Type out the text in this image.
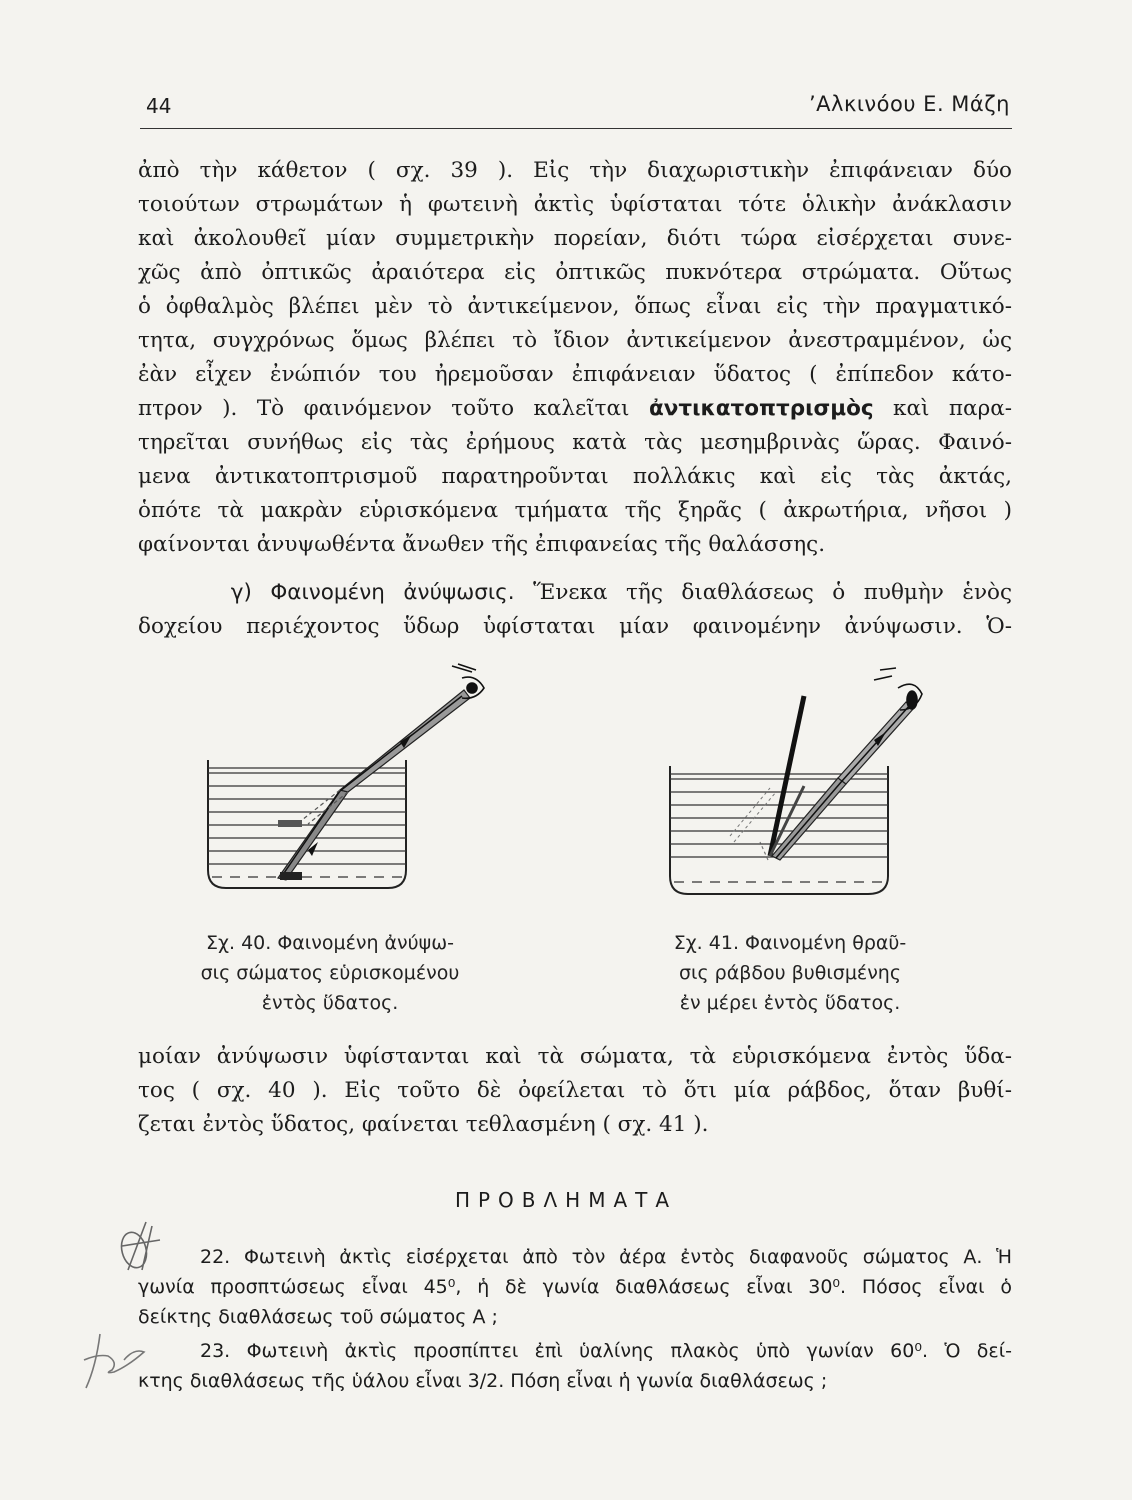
44	’Αλκινόου Ε. Μάζη

ἀπὸ τὴν κάθετον ( σχ. 39 ). Εἰς τὴν διαχωριστικὴν ἐπιφάνειαν δύο
τοιούτων στρωμάτων ἡ φωτεινὴ ἀκτὶς ὑφίσταται τότε ὁλικὴν ἀνάκλασιν
καὶ ἀκολουθεῖ μίαν συμμετρικὴν πορείαν, διότι τώρα εἰσέρχεται συνε-
χῶς ἀπὸ ὀπτικῶς ἀραιότερα εἰς ὀπτικῶς πυκνότερα στρώματα. Οὕτως
ὁ ὀφθαλμὸς βλέπει μὲν τὸ ἀντικείμενον, ὅπως εἶναι εἰς τὴν πραγματικό-
τητα, συγχρόνως ὅμως βλέπει τὸ ἴδιον ἀντικείμενον ἀνεστραμμένον, ὡς
ἐὰν εἶχεν ἐνώπιόν του ἠρεμοῦσαν ἐπιφάνειαν ὕδατος ( ἐπίπεδον κάτο-
πτρον ). Τὸ φαινόμενον τοῦτο καλεῖται ἀντικατοπτρισμὸς καὶ παρα-
τηρεῖται συνήθως εἰς τὰς ἐρήμους κατὰ τὰς μεσημβρινὰς ὥρας. Φαινό-
μενα ἀντικατοπτρισμοῦ παρατηροῦνται πολλάκις καὶ εἰς τὰς ἀκτάς,
ὁπότε τὰ μακρὰν εὑρισκόμενα τμήματα τῆς ξηρᾶς ( ἀκρωτήρια, νῆσοι )
φαίνονται ἀνυψωθέντα ἄνωθεν τῆς ἐπιφανείας τῆς θαλάσσης.

γ) Φαινομένη ἀνύψωσις. Ἕνεκα τῆς διαθλάσεως ὁ πυθμὴν ἑνὸς
δοχείου περιέχοντος ὕδωρ ὑφίσταται μίαν φαινομένην ἀνύψωσιν. Ὁ-

Σχ. 40. Φαινομένη ἀνύψω-
σις σώματος εὑρισκομένου
ἐντὸς ὕδατος.
Σχ. 41. Φαινομένη θραῦ-
σις ράβδου βυθισμένης
ἐν μέρει ἐντὸς ὕδατος.

μοίαν ἀνύψωσιν ὑφίστανται καὶ τὰ σώματα, τὰ εὑρισκόμενα ἐντὸς ὕδα-
τος ( σχ. 40 ). Εἰς τοῦτο δὲ ὀφείλεται τὸ ὅτι μία ράβδος, ὅταν βυθί-
ζεται ἐντὸς ὕδατος, φαίνεται τεθλασμένη ( σχ. 41 ).

ΠΡΟΒΛΗΜΑΤΑ
22. Φωτεινὴ ἀκτὶς εἰσέρχεται ἀπὸ τὸν ἀέρα ἐντὸς διαφανοῦς σώματος Α. Ἡ
γωνία προσπτώσεως εἶναι 45⁰, ἡ δὲ γωνία διαθλάσεως εἶναι 30⁰. Πόσος εἶναι ὁ
δείκτης διαθλάσεως τοῦ σώματος Α ;
23. Φωτεινὴ ἀκτὶς προσπίπτει ἐπὶ ὑαλίνης πλακὸς ὑπὸ γωνίαν 60⁰. Ὁ δεί-
κτης διαθλάσεως τῆς ὑάλου εἶναι 3/2. Πόση εἶναι ἡ γωνία διαθλάσεως ;
